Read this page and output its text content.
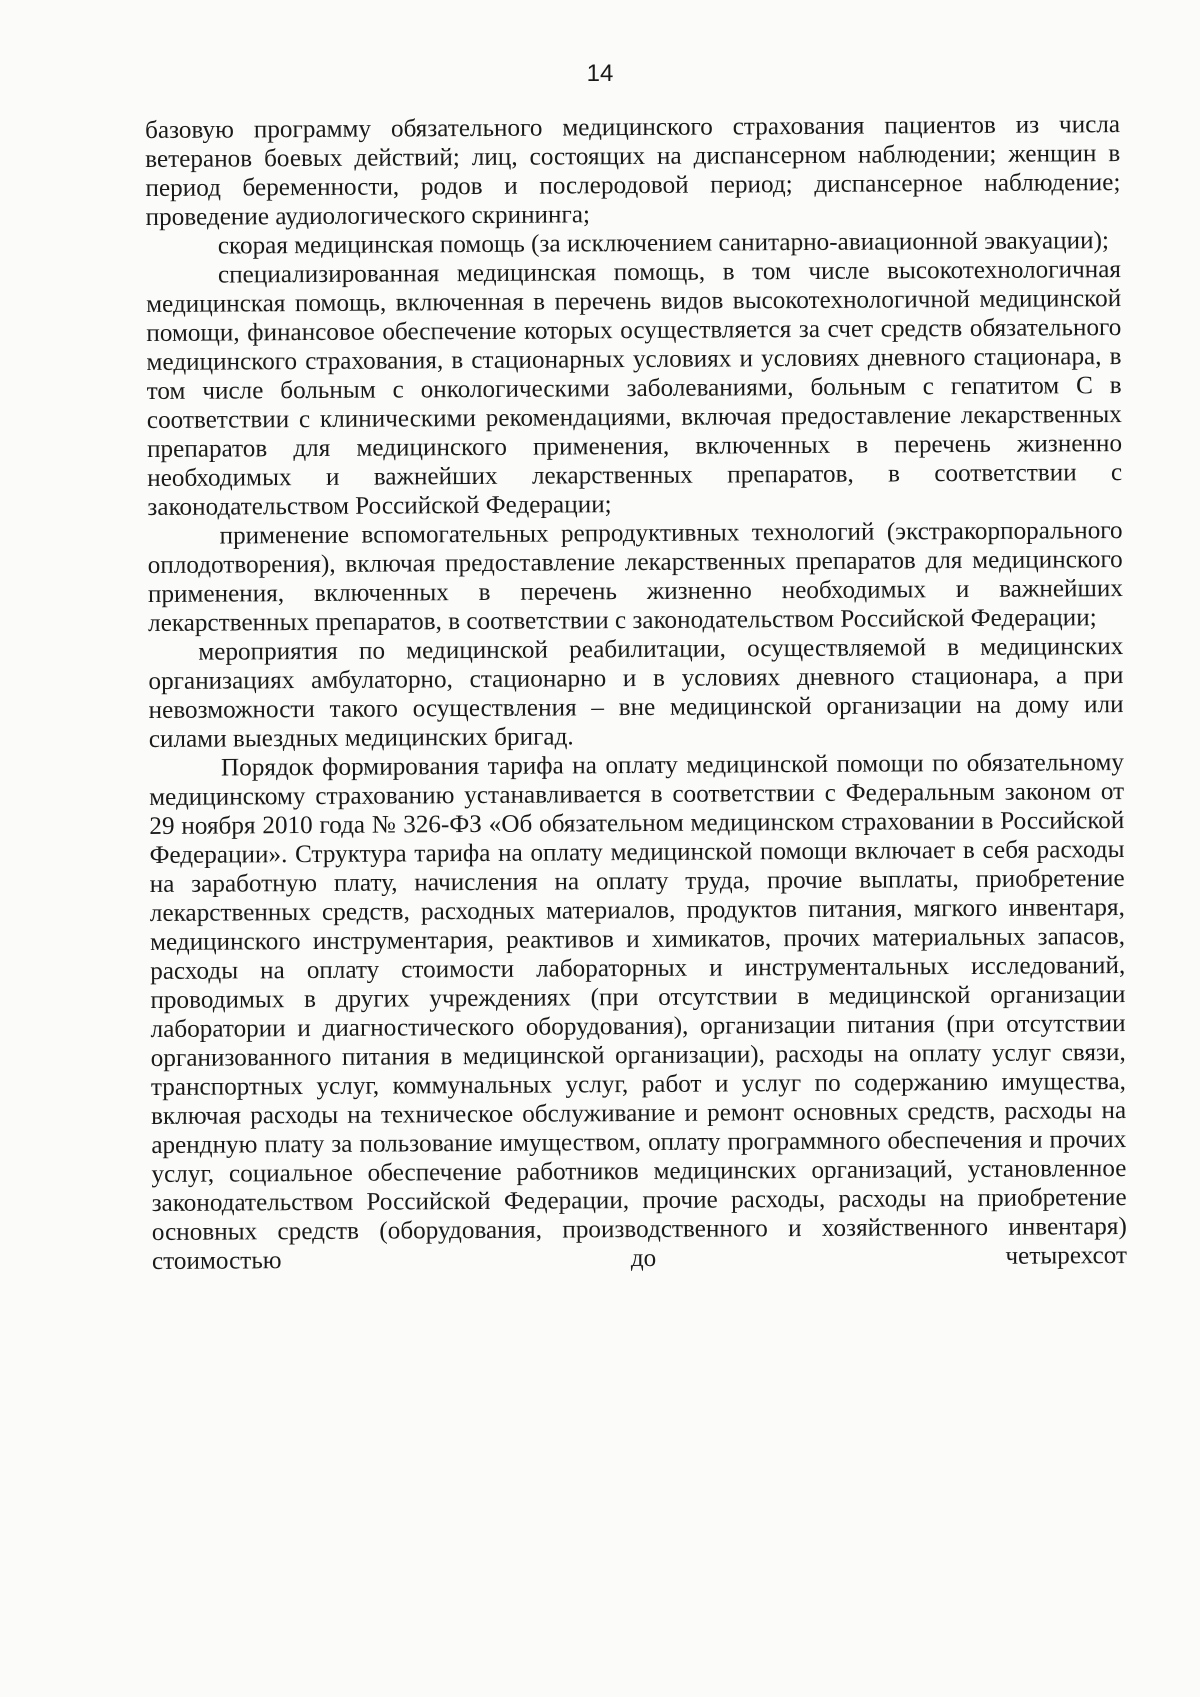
14

базовую программу обязательного медицинского страхования пациентов из числа ветеранов боевых действий; лиц, состоящих на диспансерном наблюдении; женщин в период беременности, родов и послеродовой период; диспансерное наблюдение; проведение аудиологического скрининга;

скорая медицинская помощь (за исключением санитарно-авиационной эвакуации);

специализированная медицинская помощь, в том числе высокотехнологичная медицинская помощь, включенная в перечень видов высокотехнологичной медицинской помощи, финансовое обеспечение которых осуществляется за счет средств обязательного медицинского страхования, в стационарных условиях и условиях дневного стационара, в том числе больным с онкологическими заболеваниями, больным с гепатитом C в соответствии с клиническими рекомендациями, включая предоставление лекарственных препаратов для медицинского применения, включенных в перечень жизненно необходимых и важнейших лекарственных препаратов, в соответствии с законодательством Российской Федерации;

применение вспомогательных репродуктивных технологий (экстракорпорального оплодотворения), включая предоставление лекарственных препаратов для медицинского применения, включенных в перечень жизненно необходимых и важнейших лекарственных препаратов, в соответствии с законодательством Российской Федерации;

мероприятия по медицинской реабилитации, осуществляемой в медицинских организациях амбулаторно, стационарно и в условиях дневного стационара, а при невозможности такого осуществления – вне медицинской организации на дому или силами выездных медицинских бригад.

Порядок формирования тарифа на оплату медицинской помощи по обязательному медицинскому страхованию устанавливается в соответствии с Федеральным законом от 29 ноября 2010 года № 326-ФЗ «Об обязательном медицинском страховании в Российской Федерации». Структура тарифа на оплату медицинской помощи включает в себя расходы на заработную плату, начисления на оплату труда, прочие выплаты, приобретение лекарственных средств, расходных материалов, продуктов питания, мягкого инвентаря, медицинского инструментария, реактивов и химикатов, прочих материальных запасов, расходы на оплату стоимости лабораторных и инструментальных исследований, проводимых в других учреждениях (при отсутствии в медицинской организации лаборатории и диагностического оборудования), организации питания (при отсутствии организованного питания в медицинской организации), расходы на оплату услуг связи, транспортных услуг, коммунальных услуг, работ и услуг по содержанию имущества, включая расходы на техническое обслуживание и ремонт основных средств, расходы на арендную плату за пользование имуществом, оплату программного обеспечения и прочих услуг, социальное обеспечение работников медицинских организаций, установленное законодательством Российской Федерации, прочие расходы, расходы на приобретение основных средств (оборудования, производственного и хозяйственного инвентаря) стоимостью до четырехсот
